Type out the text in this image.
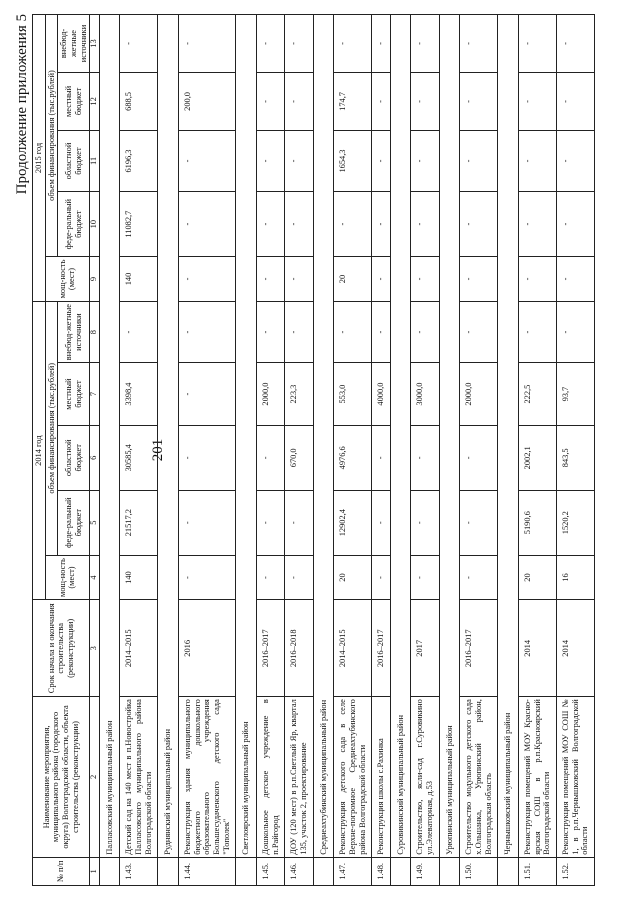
201
Продолжение приложения 5
№ п/п	Наименование мероприятия, муниципального района (городского округа) Волгоградской области, объекта строительства (реконструкции)	Срок начала и окончания строительства (реконструкции)	2014 год					2015 год				
			мощ-ность (мест)	объем финансирования (тыс.рублей)				мощ-ность (мест)	объем финансирования (тыс.рублей)			
				феде-ральный бюджет	областной бюджет	местный бюджет	внебюд-жетные источники		феде-ральный бюджет	областной бюджет	местный бюджет	внебюд-жетные источники
1	2	3	4	5	6	7	8	9	10	11	12	13
	Палласовский муниципальный район											
1.43.	Детский сад на 140 мест в п.Новостройка Палласовского муниципального района Волгоградской области	2014–2015	140	21517,2	30585,4	3398,4	-	140	11082,7	6196,3	688,5	-
	Руднянский муниципальный район											
1.44.	Реконструкция здания муниципального бюджетного дошкольного образовательного учреждения Большесудаченского детского сада "Тополек"	2016	-	-	-	-	-	-	-	-	200,0	-
	Светлоярский муниципальный район											
1.45.	Дошкольное детское учреждение в п.Райгород	2016–2017	-	-	-	2000,0	-	-	-	-	-	-
1.46.	ДОУ (120 мест) в р.п.Светлый Яр, квартал 135, участок 2, проектирование	2016–2018	-	-	670,0	223,3	-	-	-	-	-	-
	Среднеахтубинский муниципальный район											
1.47.	Реконструкция детского сада в селе Верхне-погромное Среднеахтубинского района Волгоградской области	2014–2015	20	12902,4	4976,6	553,0	-	20	-	1654,3	174,7	-
1.48.	Реконструкция школы с.Рахинка	2016–2017	-	-	-	4000,0	-	-	-	-	-	-
	Суровикинский муниципальный район											
1.49.	Строительство, ясли-сад г.Суровикино ул.Элеваторная, д.53	2017	-	-	-	3000,0	-	-	-	-	-	-
	Урюпинский муниципальный район											
1.50.	Строительство модульного детского сада х.Ольшанка, Урюпинский район, Волгоградская область	2016–2017	-	-	-	2000,0	-	-	-	-	-	-
	Чернышковский муниципальный район											
1.51.	Реконструкция помещений МОУ Красно-ярская СОШ в р.п.Красноярский Волгоградской области	2014	20	5190,6	2002,1	222,5	-	-	-	-	-	-
1.52.	Реконструкция помещений МОУ СОШ № 1, в р.п.Чернышковский Волгоградской области	2014	16	1520,2	843,5	93,7	-	-	-	-	-	-
